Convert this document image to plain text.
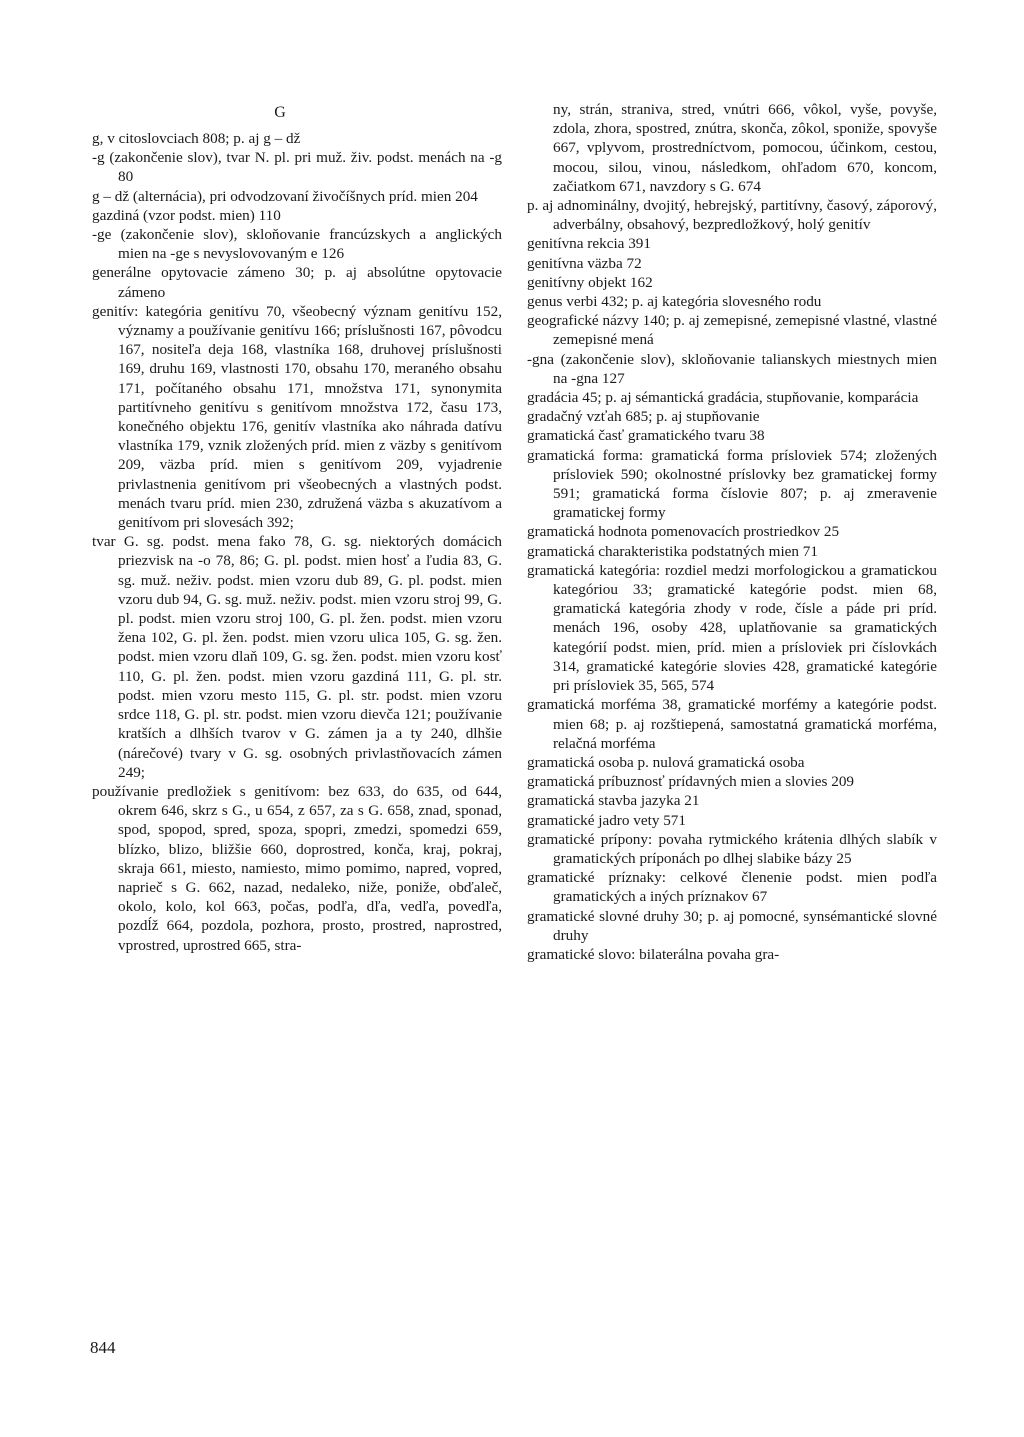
G

g, v citoslovciach 808; p. aj g – dž

-g (zakončenie slov), tvar N. pl. pri muž. živ. podst. menách na -g 80

g – dž (alternácia), pri odvodzovaní živočíšnych príd. mien 204

gazdiná (vzor podst. mien) 110

-ge (zakončenie slov), skloňovanie francúzskych a anglických mien na -ge s nevyslovovaným e 126

generálne opytovacie zámeno 30; p. aj absolútne opytovacie zámeno

genitív: kategória genitívu 70, všeobecný význam genitívu 152, významy a používanie genitívu 166; príslušnosti 167, pôvodcu 167, nositeľa deja 168, vlastníka 168, druhovej príslušnosti 169, druhu 169, vlastnosti 170, obsahu 170, meraného obsahu 171, počítaného obsahu 171, množstva 171, synonymita partitívneho genitívu s genitívom množstva 172, času 173, konečného objektu 176, genitív vlastníka ako náhrada datívu vlastníka 179, vznik zložených príd. mien z väzby s genitívom 209, väzba príd. mien s genitívom 209, vyjadrenie privlastnenia genitívom pri všeobecných a vlastných podst. menách tvaru príd. mien 230, združená väzba s akuzatívom a genitívom pri slovesách 392;

tvar G. sg. podst. mena fako 78, G. sg. niektorých domácich priezvisk na -o 78, 86; G. pl. podst. mien hosť a ľudia 83, G. sg. muž. neživ. podst. mien vzoru dub 89, G. pl. podst. mien vzoru dub 94, G. sg. muž. neživ. podst. mien vzoru stroj 99, G. pl. podst. mien vzoru stroj 100, G. pl. žen. podst. mien vzoru žena 102, G. pl. žen. podst. mien vzoru ulica 105, G. sg. žen. podst. mien vzoru dlaň 109, G. sg. žen. podst. mien vzoru kosť 110, G. pl. žen. podst. mien vzoru gazdiná 111, G. pl. str. podst. mien vzoru mesto 115, G. pl. str. podst. mien vzoru srdce 118, G. pl. str. podst. mien vzoru dievča 121; používanie kratších a dlhších tvarov v G. zámen ja a ty 240, dlhšie (nárečové) tvary v G. sg. osobných privlastňovacích zámen 249;

používanie predložiek s genitívom: bez 633, do 635, od 644, okrem 646, skrz s G., u 654, z 657, za s G. 658, znad, sponad, spod, spopod, spred, spoza, spopri, zmedzi, spomedzi 659, blízko, blizo, bližšie 660, doprostred, konča, kraj, pokraj, skraja 661, miesto, namiesto, mimo pomimo, napred, vopred, naprieč s G. 662, nazad, nedaleko, niže, poniže, obďaleč, okolo, kolo, kol 663, počas, podľa, dľa, vedľa, povedľa, pozdĺž 664, pozdola, pozhora, prosto, prostred, naprostred, vprostred, uprostred 665, stra-

ny, strán, straniva, stred, vnútri 666, vôkol, vyše, povyše, zdola, zhora, spostred, znútra, skonča, zôkol, sponiže, spovyše 667, vplyvom, prostredníctvom, pomocou, účinkom, cestou, mocou, silou, vinou, následkom, ohľadom 670, koncom, začiatkom 671, navzdory s G. 674

p. aj adnominálny, dvojitý, hebrejský, partitívny, časový, záporový, adverbálny, obsahový, bezpredložkový, holý genitív

genitívna rekcia 391

genitívna väzba 72

genitívny objekt 162

genus verbi 432; p. aj kategória slovesného rodu

geografické názvy 140; p. aj zemepisné, zemepisné vlastné, vlastné zemepisné mená

-gna (zakončenie slov), skloňovanie talianskych miestnych mien na -gna 127

gradácia 45; p. aj sémantická gradácia, stupňovanie, komparácia

gradačný vzťah 685; p. aj stupňovanie

gramatická časť gramatického tvaru 38

gramatická forma: gramatická forma prísloviek 574; zložených prísloviek 590; okolnostné príslovky bez gramatickej formy 591; gramatická forma číslovie 807; p. aj zmeravenie gramatickej formy

gramatická hodnota pomenovacích prostriedkov 25

gramatická charakteristika podstatných mien 71

gramatická kategória: rozdiel medzi morfologickou a gramatickou kategóriou 33; gramatické kategórie podst. mien 68, gramatická kategória zhody v rode, čísle a páde pri príd. menách 196, osoby 428, uplatňovanie sa gramatických kategórií podst. mien, príd. mien a prísloviek pri číslovkách 314, gramatické kategórie slovies 428, gramatické kategórie pri prísloviek 35, 565, 574

gramatická morféma 38, gramatické morfémy a kategórie podst. mien 68; p. aj rozštiepená, samostatná gramatická morféma, relačná morféma

gramatická osoba p. nulová gramatická osoba

gramatická príbuznosť prídavných mien a slovies 209

gramatická stavba jazyka 21

gramatické jadro vety 571

gramatické prípony: povaha rytmického krátenia dlhých slabík v gramatických príponách po dlhej slabike bázy 25

gramatické príznaky: celkové členenie podst. mien podľa gramatických a iných príznakov 67

gramatické slovné druhy 30; p. aj pomocné, synsémantické slovné druhy

gramatické slovo: bilaterálna povaha gra-

844
